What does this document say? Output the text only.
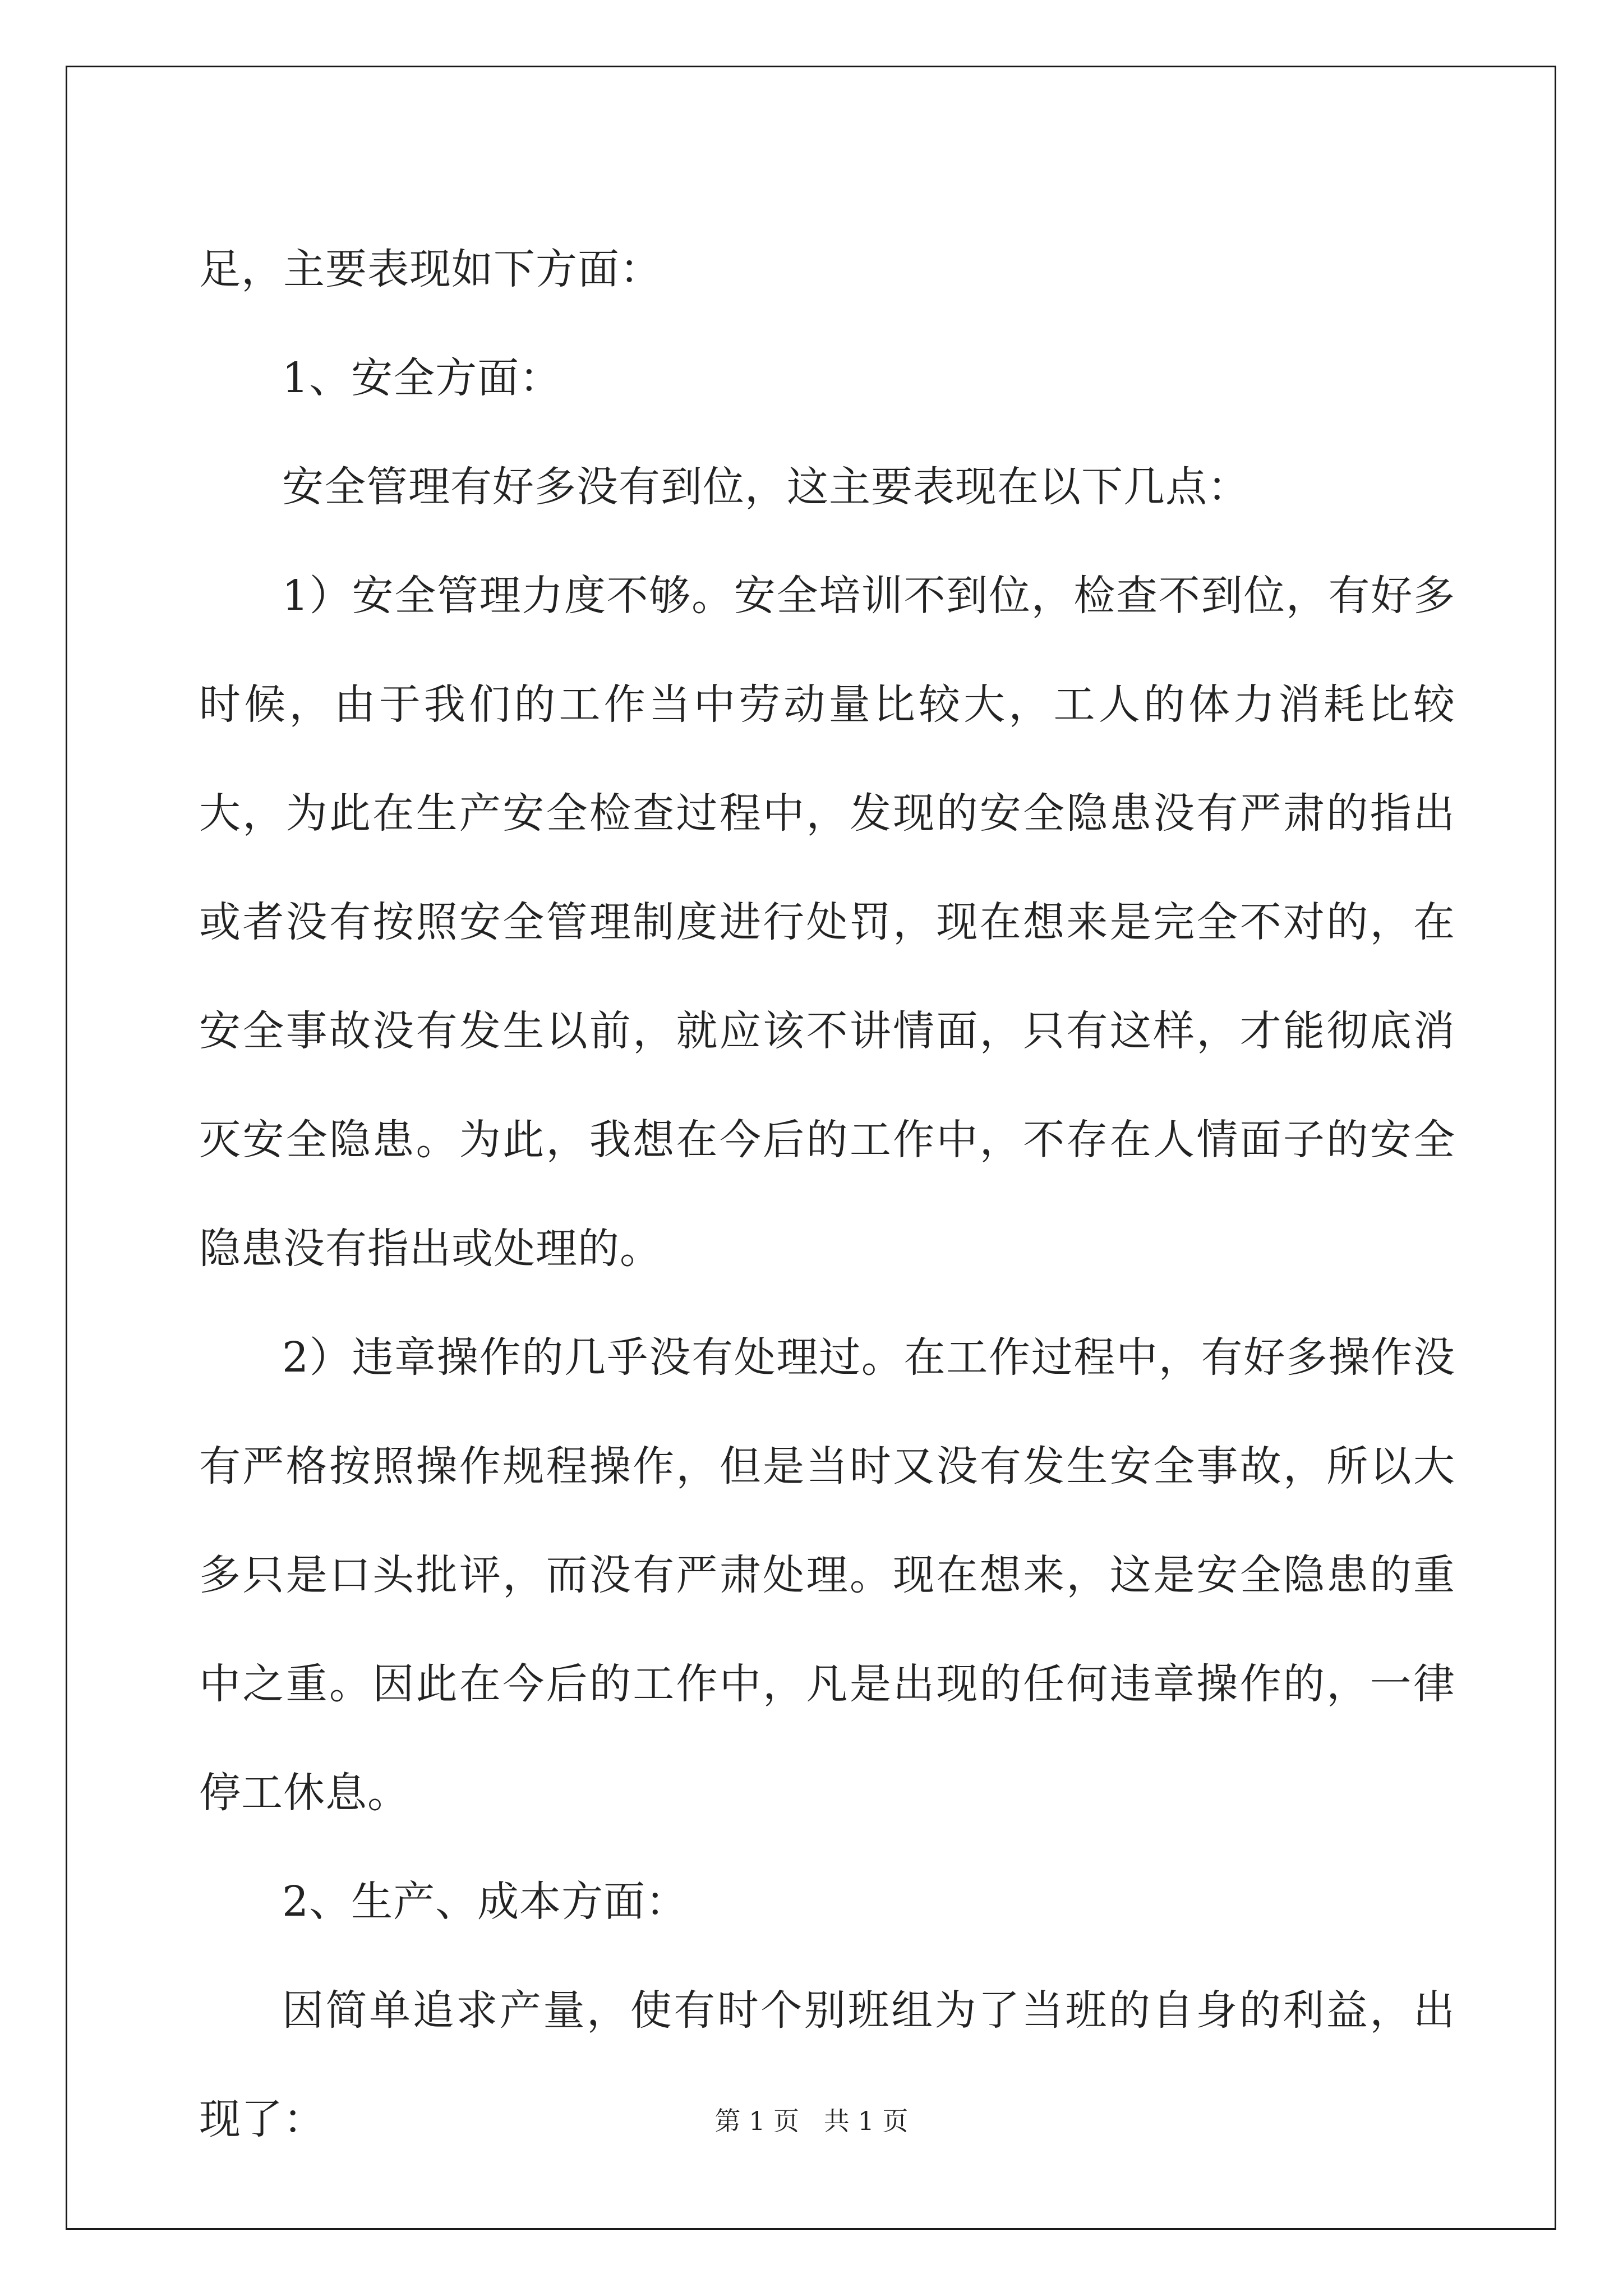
足，主要表现如下方面：

1、安全方面：

安全管理有好多没有到位，这主要表现在以下几点：

1）安全管理力度不够。安全培训不到位，检查不到位，有好多时候，由于我们的工作当中劳动量比较大，工人的体力消耗比较大，为此在生产安全检查过程中，发现的安全隐患没有严肃的指出或者没有按照安全管理制度进行处罚，现在想来是完全不对的，在安全事故没有发生以前，就应该不讲情面，只有这样，才能彻底消灭安全隐患。为此，我想在今后的工作中，不存在人情面子的安全隐患没有指出或处理的。

2）违章操作的几乎没有处理过。在工作过程中，有好多操作没有严格按照操作规程操作，但是当时又没有发生安全事故，所以大多只是口头批评，而没有严肃处理。现在想来，这是安全隐患的重中之重。因此在今后的工作中，凡是出现的任何违章操作的，一律停工休息。

2、生产、成本方面：

因简单追求产量，使有时个别班组为了当班的自身的利益，出现了：	第 1 页   共 1 页
